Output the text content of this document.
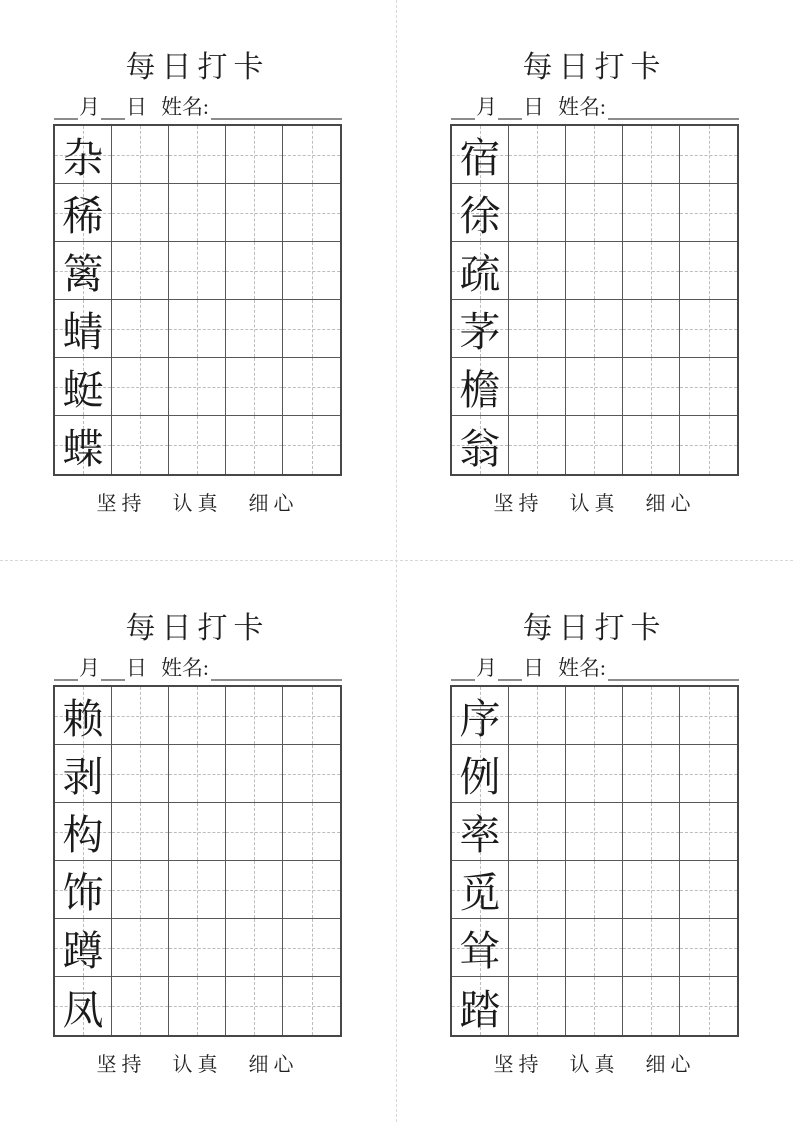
每日打卡
月 日 姓名:
杂
稀
篱
蜻
蜓
蝶
坚持 认真 细心
每日打卡
月 日 姓名:
宿
徐
疏
茅
檐
翁
坚持 认真 细心
每日打卡
月 日 姓名:
赖
剥
构
饰
蹲
凤
坚持 认真 细心
每日打卡
月 日 姓名:
序
例
率
觅
耸
踏
坚持 认真 细心
